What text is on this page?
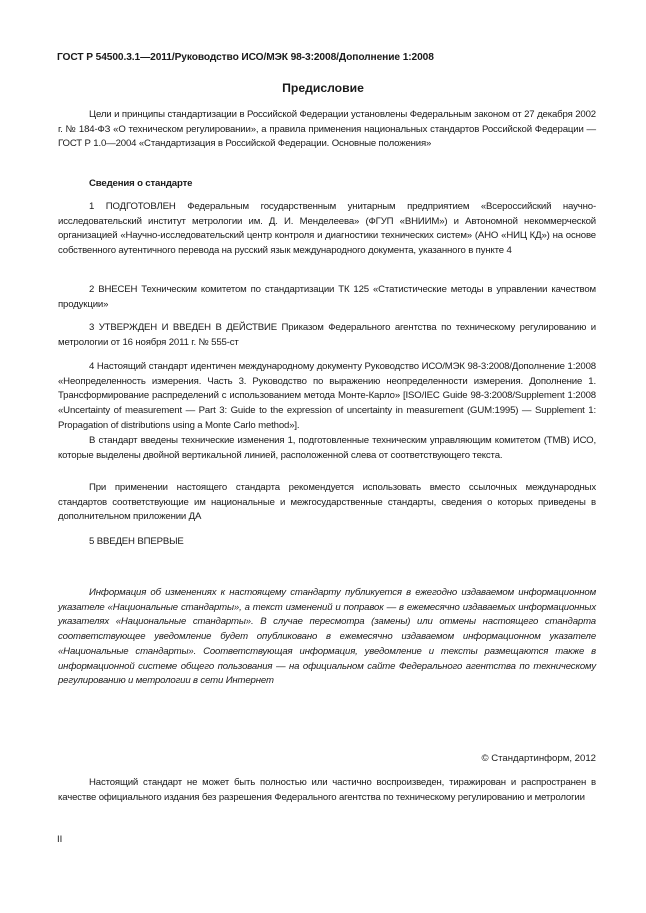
ГОСТ Р 54500.3.1—2011/Руководство ИСО/МЭК 98-3:2008/Дополнение 1:2008
Предисловие

Цели и принципы стандартизации в Российской Федерации установлены Федеральным законом от 27 декабря 2002 г. № 184-ФЗ «О техническом регулировании», а правила применения национальных стандартов Российской Федерации — ГОСТ Р 1.0—2004 «Стандартизация в Российской Федерации. Основные положения»

Сведения о стандарте

1 ПОДГОТОВЛЕН Федеральным государственным унитарным предприятием «Всероссийский научно-исследовательский институт метрологии им. Д. И. Менделеева» (ФГУП «ВНИИМ») и Автономной некоммерческой организацией «Научно-исследовательский центр контроля и диагностики технических систем» (АНО «НИЦ КД») на основе собственного аутентичного перевода на русский язык международного документа, указанного в пункте 4

2 ВНЕСЕН Техническим комитетом по стандартизации ТК 125 «Статистические методы в управлении качеством продукции»

3 УТВЕРЖДЕН И ВВЕДЕН В ДЕЙСТВИЕ Приказом Федерального агентства по техническому регулированию и метрологии от 16 ноября 2011 г. № 555-ст

4 Настоящий стандарт идентичен международному документу Руководство ИСО/МЭК 98-3:2008/Дополнение 1:2008 «Неопределенность измерения. Часть 3. Руководство по выражению неопределенности измерения. Дополнение 1. Трансформирование распределений с использованием метода Монте-Карло» [ISO/IEC Guide 98-3:2008/Supplement 1:2008 «Uncertainty of measurement — Part 3: Guide to the expression of uncertainty in measurement (GUM:1995) — Supplement 1: Propagation of distributions using a Monte Carlo method»].

В стандарт введены технические изменения 1, подготовленные техническим управляющим комитетом (ТМВ) ИСО, которые выделены двойной вертикальной линией, расположенной слева от соответствующего текста.

При применении настоящего стандарта рекомендуется использовать вместо ссылочных международных стандартов соответствующие им национальные и межгосударственные стандарты, сведения о которых приведены в дополнительном приложении ДА

5 ВВЕДЕН ВПЕРВЫЕ

Информация об изменениях к настоящему стандарту публикуется в ежегодно издаваемом информационном указателе «Национальные стандарты», а текст изменений и поправок — в ежемесячно издаваемых информационных указателях «Национальные стандарты». В случае пересмотра (замены) или отмены настоящего стандарта соответствующее уведомление будет опубликовано в ежемесячно издаваемом информационном указателе «Национальные стандарты». Соответствующая информация, уведомление и тексты размещаются также в информационной системе общего пользования — на официальном сайте Федерального агентства по техническому регулированию и метрологии в сети Интернет

© Стандартинформ, 2012

Настоящий стандарт не может быть полностью или частично воспроизведен, тиражирован и распространен в качестве официального издания без разрешения Федерального агентства по техническому регулированию и метрологии

II
